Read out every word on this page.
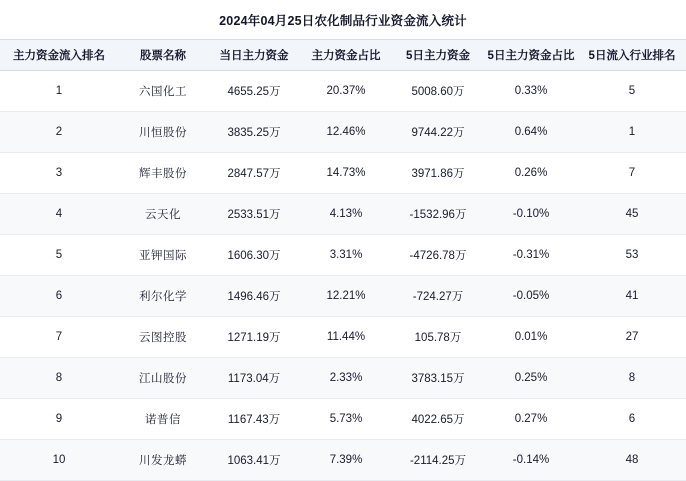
2024年04月25日农化制品行业资金流入统计
主力资金流入排名	股票名称	当日主力资金	主力资金占比	5日主力资金	5日主力资金占比	5日流入行业排名
1	六国化工	4655.25万	20.37%	5008.60万	0.33%	5
2	川恒股份	3835.25万	12.46%	9744.22万	0.64%	1
3	辉丰股份	2847.57万	14.73%	3971.86万	0.26%	7
4	云天化	2533.51万	4.13%	-1532.96万	-0.10%	45
5	亚钾国际	1606.30万	3.31%	-4726.78万	-0.31%	53
6	利尔化学	1496.46万	12.21%	-724.27万	-0.05%	41
7	云图控股	1271.19万	11.44%	105.78万	0.01%	27
8	江山股份	1173.04万	2.33%	3783.15万	0.25%	8
9	诺普信	1167.43万	5.73%	4022.65万	0.27%	6
10	川发龙蟒	1063.41万	7.39%	-2114.25万	-0.14%	48
